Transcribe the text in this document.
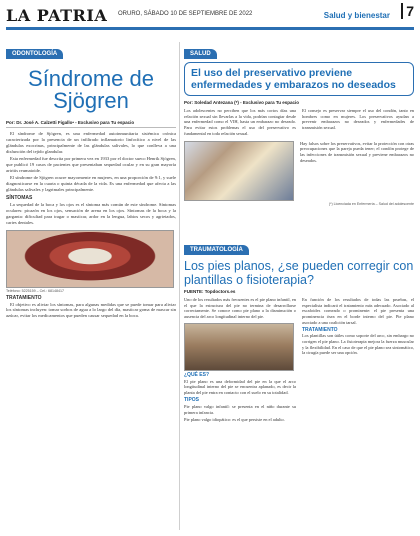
LA PATRIA ORURO, SÁBADO 10 DE SEPTIEMBRE DE 2022	Salud y bienestar	7
ODONTOLOGÍA
Síndrome de Sjögren
Por: Dr. José A. Calzetti Figallo• - Exclusivo para Tu espacio

El síndrome de Sjögren, es una enfermedad autoinmunitaria sistémica crónica caracterizada por la presencia de un infiltrado inflamatorio linfocítico a nivel de las glándulas exocrinas, principalmente de las glándulas salivales, lo que conlleva a una disfunción del tejido glandular.

Esta enfermedad fue descrita por primera vez en 1933 por el doctor sueco Henrik Sjögren, que publicó 19 casos de pacientes que presentaban sequedad ocular y en su gran mayoría artritis reumatoide.

El síndrome de Sjögren ocurre mayormente en mujeres, en una proporción de 9:1, y suele diagnosticarse en la cuarta o quinta década de la vida. Es una enfermedad que afecta a las glándulas salivales y lagrimales principalmente.

SÍNTOMAS

La sequedad de la boca y los ojos es el síntoma más común de este síndrome. Síntomas oculares: picazón en los ojos, sensación de arena en los ojos. Síntomas de la boca y la garganta: dificultad para tragar o masticar, ardor en la lengua, labios secos y agrietados, caries dentales.

Teléfono: 5225159 – Cel.: 68148417
TRATAMIENTO

El objetivo es aliviar los síntomas, para algunas medidas que se puede tomar para aliviar los síntomas incluyen: tomar sorbos de agua a lo largo del día, masticar goma de mascar sin azúcar, evitar los medicamentos que pueden causar sequedad en la boca.

SALUD
El uso del preservativo previene enfermedades y embarazos no deseados
Por: Soledad Antezana (*) - Exclusivo para Tu espacio
Los adolescentes no perciben que los más cortos días una relación sexual sin llevarlas a la vida, podrían contagiar desde una enfermedad como el VIH, hasta un embarazo no deseado. Para evitar estos problemas el uso del preservativo es fundamental en toda relación sexual.
El consejo es preservar siempre el uso del condón, tanto en hombres como en mujeres. Los preservativos ayudan a prevenir embarazos no deseados y enfermedades de transmisión sexual.
Hay falsos sobre los preservativos, evitar la protección con otras preocupaciones que la pareja pueda tener; el condón protege de las infecciones de transmisión sexual y previene embarazos no deseados.
(*) Licenciada en Enfermería – Salud del adolescente
TRAUMATOLOGÍA
Los pies planos, ¿se pueden corregir con plantillas o fisioterapia?
FUENTE: Topdoctors.es
Uno de los resultados más frecuentes es el pie plano infantil, en el que la estructura del pie no termina de desarrollarse correctamente. Se conoce como pie plano a la disminución o ausencia del arco longitudinal interno del pie.
¿QUÉ ES?
El pie plano es una deformidad del pie en la que el arco longitudinal interno del pie se encuentra aplanado, es decir la planta del pie entra en contacto con el suelo en su totalidad.
TIPOS
Pie plano valgo infantil: se presenta en el niño durante su primera infancia.
Pie plano valgo idiopático: es el que persiste en el adulto.
En función de los resultados de todas las pruebas, el especialista indicará el tratamiento más adecuado. Asociado al escafoides corneado o prominente: el pie presenta una prominencia ósea en el borde interno del pie. Pie plano asociado a una coalición tarsal.
TRATAMIENTO
Los plantillas son útiles como soporte del arco, sin embargo no corrigen el pie plano. La fisioterapia mejora la fuerza muscular y la flexibilidad. En el caso de que el pie plano sea sintomático, la cirugía puede ser una opción.
